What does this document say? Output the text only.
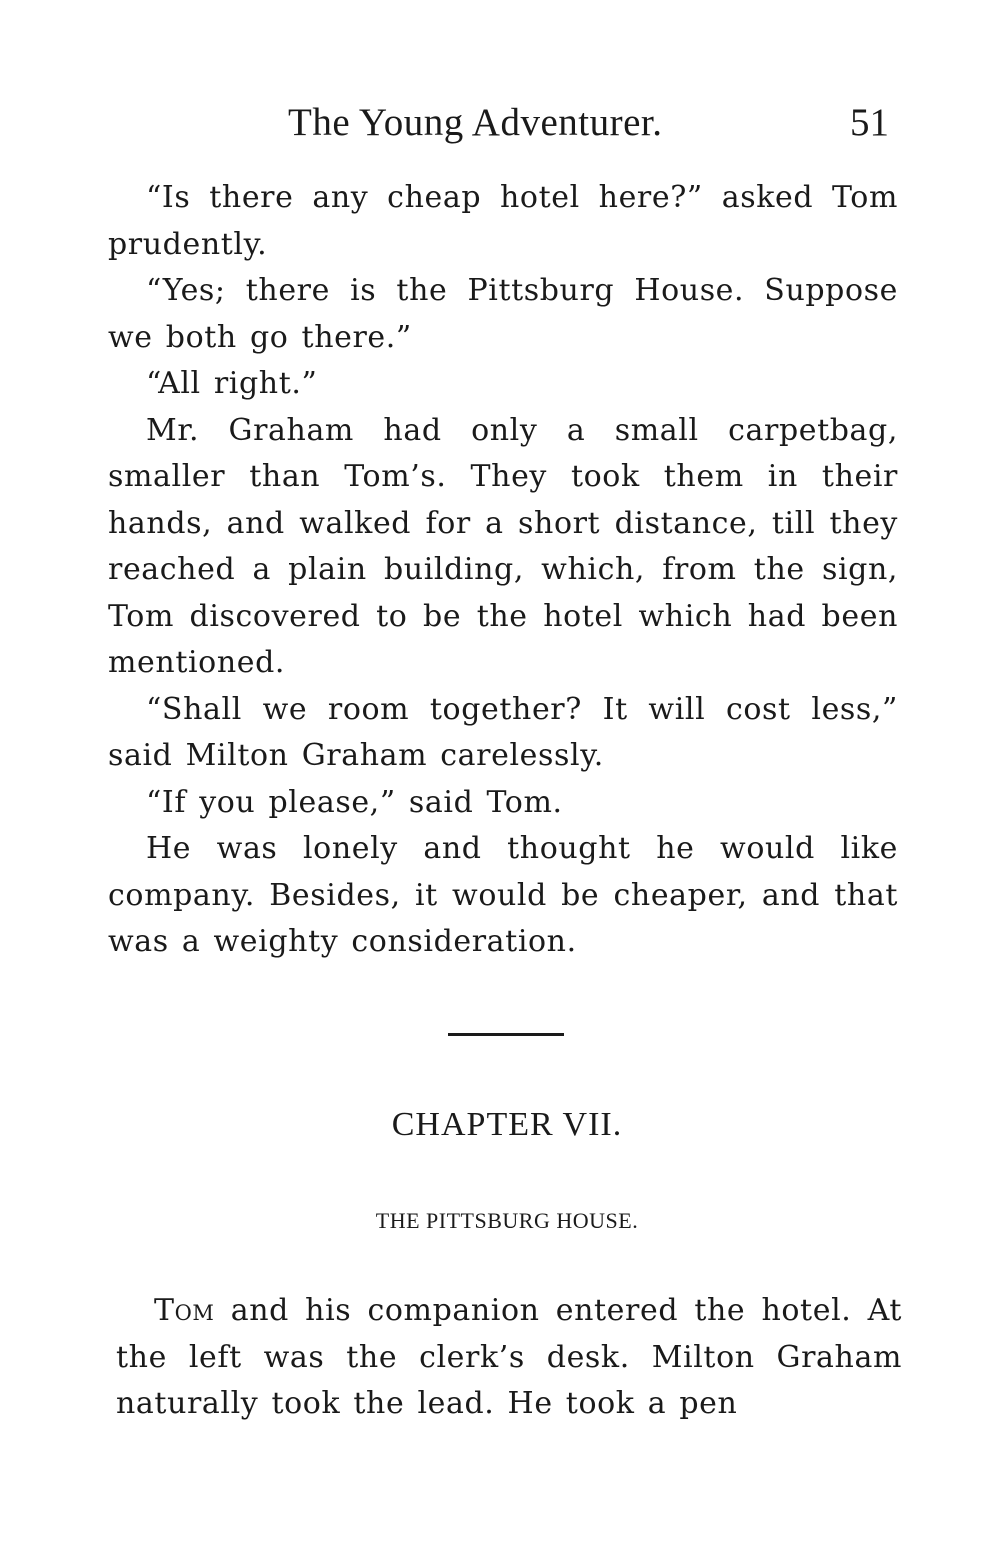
The Young Adventurer.	51

“Is there any cheap hotel here?” asked Tom prudently.

“Yes; there is the Pittsburg House. Suppose we both go there.”

“All right.”

Mr. Graham had only a small carpetbag, smaller than Tom’s. They took them in their hands, and walked for a short distance, till they reached a plain building, which, from the sign, Tom discovered to be the hotel which had been mentioned.

“Shall we room together? It will cost less,” said Milton Graham carelessly.

“If you please,” said Tom.

He was lonely and thought he would like company. Besides, it would be cheaper, and that was a weighty consideration.

CHAPTER VII.
THE PITTSBURG HOUSE.

Tom and his companion entered the hotel. At the left was the clerk’s desk. Milton Graham naturally took the lead. He took a pen
